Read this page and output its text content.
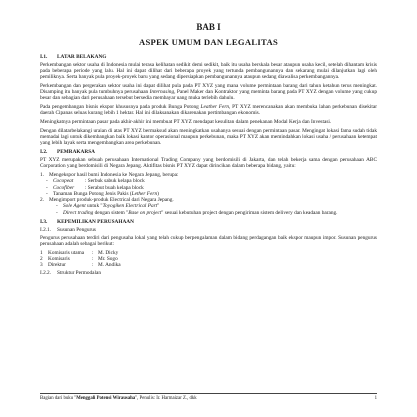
BAB I
ASPEK UMUM DAN LEGALITAS
I.1. LATAR BELAKANG

Perkembangan sektor usaha di Indonesia mulai terasa kelihatan sedikit demi sedikit, baik itu usaha berskala besar ataupun usaha kecil, setelah dihantam krisis pada beberapa periode yang lalu. Hal ini dapat dilihat dari beberapa proyek yang tertunda pembangunannya dan sekarang mulai dilanjutkan lagi oleh pemiliknya. Serta banyak pula proyek-proyek baru yang sedang dipersiapkan pembangunannya ataupun sedang diawalisa perkembangannya.

Perkembangan dan pergerakan sektor usaha ini dapat dilihat pula pada PT XYZ yang mana volume permintaan barang dari tahun ketahun terus meningkat. Disamping itu banyak pula tumbuhnya perusahaan Internasing, Panel Maker dan Kontraktor yang meminta barang pada PT XYZ dengan volume yang cukup besar dan sebagian dari perusahaan tersebut bersedia membayar uang muka terlebih dahulu.

Pada pengembangan bisnis ekspor khususnya pada produk Bunga Potong Leather Fern, PT XYZ merencanakan akan membuka lahan perkebunan disekitar daerah Cipanas seluas kurang lebih 1 hektar. Hal ini dilaksanakan dikarenakan pertimbangan ekonomis.

Meningkatnya permintaan pasar pada akhir-akhir ini membuat PT XYZ mendapat kesulitan dalam penekanan Modal Kerja dan Investasi.

Dengan dilatarbelakangi uraian di atas PT XYZ bermaksud akan meningkatkan usahanya sesuai dengan permintaan pasar. Mengingat lokasi fama sudah tidak memadai lagi untuk dikembangkan baik lokasi kantor operasional maupun perkebunan, maka PT XYZ akan memindahkan lokasi usaha / perusahaan ketempat yang lebih layak serta mengembangkan area perkebunan.

I.2. PEMRAKARSA

PT XYZ merupakan sebuah perusahaan International Trading Company yang berdomisili di Jakarta, dan telah bekerja sama dengan perusahaan ABC Corporation yang berdomisili di Negara Jepang. Aktifitas bisnis PT XYZ dapat dirincikan dalam beberapa bidang, yaitu:

1. Mengekspor hasil bumi Indonesia ke Negara Jepang, berupa:
- Cocopeat : Serbuk sabuk kelapa block
- Cocofiber : Serabut buah kelapa block
- Tanaman Bunga Potong Jenis Pakis (Lether Fern)
2. Mengimport produk-produk Electrical dari Negara Jepang.
- Sole Agent untuk "Toyogiken Electrical Part"
- Direct trading dengan sistem "Base on project" sesuai kebutuhan project dengan pengiriman sistem delivery dan keadaan barang.
I.3. KEPEMILIKAN PERUSAHAAN
I.2.1. Susunan Pengurus

Pengurus perusahaan terdiri dari pengusaha lokal yang telah cukup berpengalaman dalam bidang perdagangan baik ekspor maupun impor. Susunan pengurus perusahaan adalah sebagai berikut:

1 Komisaris utama : M. Dicky
2 Komisaris	: Mr. Sogo
3 Direktur	: M. Andika
I.2.2. Struktur Permodalan
Bagian dari buku "Menggali Potensi Wirausaha", Penulis: Ir. Harmaizar Z., dkk	1
